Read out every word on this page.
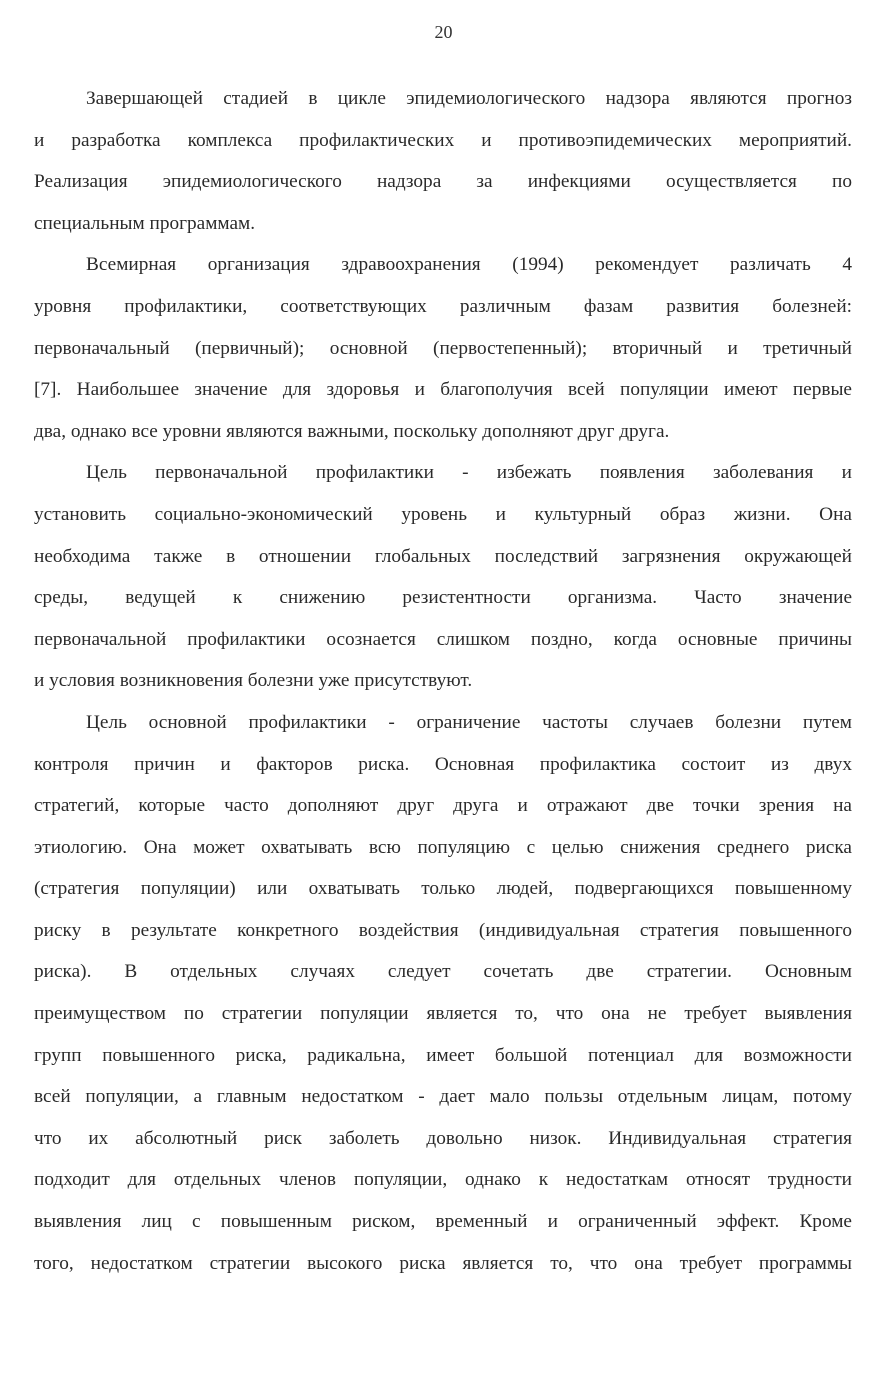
20
Завершающей стадией в цикле эпидемиологического надзора являются прогноз
и разработка комплекса профилактических и противоэпидемических мероприятий.
Реализация эпидемиологического надзора за инфекциями осуществляется по
специальным программам.
Всемирная организация здравоохранения (1994) рекомендует различать 4
уровня профилактики, соответствующих различным фазам развития болезней:
первоначальный (первичный); основной (первостепенный); вторичный и третичный
[7]. Наибольшее значение для здоровья и благополучия всей популяции имеют первые
два, однако все уровни являются важными, поскольку дополняют друг друга.
Цель первоначальной профилактики - избежать появления заболевания и
установить социально-экономический уровень и культурный образ жизни. Она
необходима также в отношении глобальных последствий загрязнения окружающей
среды, ведущей к снижению резистентности организма. Часто значение
первоначальной профилактики осознается слишком поздно, когда основные причины
и условия возникновения болезни уже присутствуют.
Цель основной профилактики - ограничение частоты случаев болезни путем
контроля причин и факторов риска. Основная профилактика состоит из двух
стратегий, которые часто дополняют друг друга и отражают две точки зрения на
этиологию. Она может охватывать всю популяцию с целью снижения среднего риска
(стратегия популяции) или охватывать только людей, подвергающихся повышенному
риску в результате конкретного воздействия (индивидуальная стратегия повышенного
риска). В отдельных случаях следует сочетать две стратегии. Основным
преимуществом по стратегии популяции является то, что она не требует выявления
групп повышенного риска, радикальна, имеет большой потенциал для возможности
всей популяции, а главным недостатком - дает мало пользы отдельным лицам, потому
что их абсолютный риск заболеть довольно низок. Индивидуальная стратегия
подходит для отдельных членов популяции, однако к недостаткам относят трудности
выявления лиц с повышенным риском, временный и ограниченный эффект. Кроме
того, недостатком стратегии высокого риска является то, что она требует программы
